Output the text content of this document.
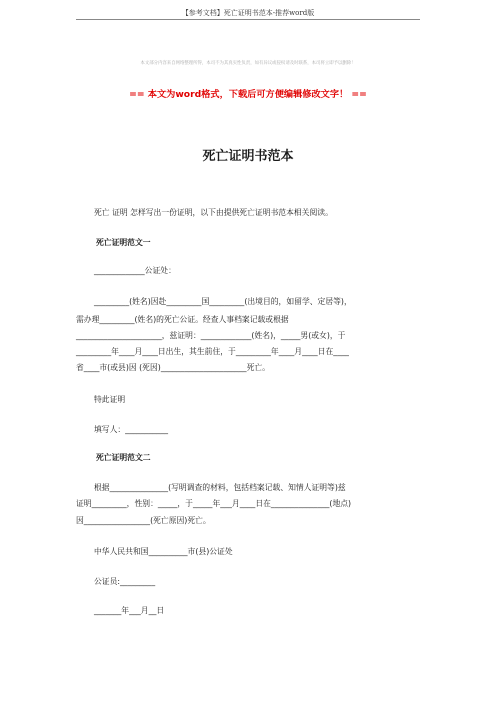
【参考文档】死亡证明书范本-推荐word版
本文部分内容来自网络整理所得，本司不为其真实性负责，如有异议或侵权请及时联系，本司将立即予以删除！
== 本文为word格式，下载后可方便编辑修改文字！ ==
死亡证明书范本
死亡 证明 怎样写出一份证明，以下由提供死亡证明书范本相关阅读。
死亡证明范文一
_____________公证处：
_________(姓名)因赴_________国_________(出境目的，如留学、定居等)，
需办理_________(姓名)的死亡公证。经查人事档案记载或根据
______________________，兹证明：_____________(姓名)，_____男(或女)，于
_________年____月____日出生，其生前住，于_________年____月____日在____
省____市(或县)因 (死因)______________________死亡。
特此证明
填写人：___________
死亡证明范文二
根据_______________(写明调查的材料，包括档案记载、知情人证明等)兹
证明_________，性别：_____，于_____年___月____日在_______________(地点)
因_________________(死亡原因)死亡。
中华人民共和国__________市(县)公证处
公证员:_________
_______年___月__日
